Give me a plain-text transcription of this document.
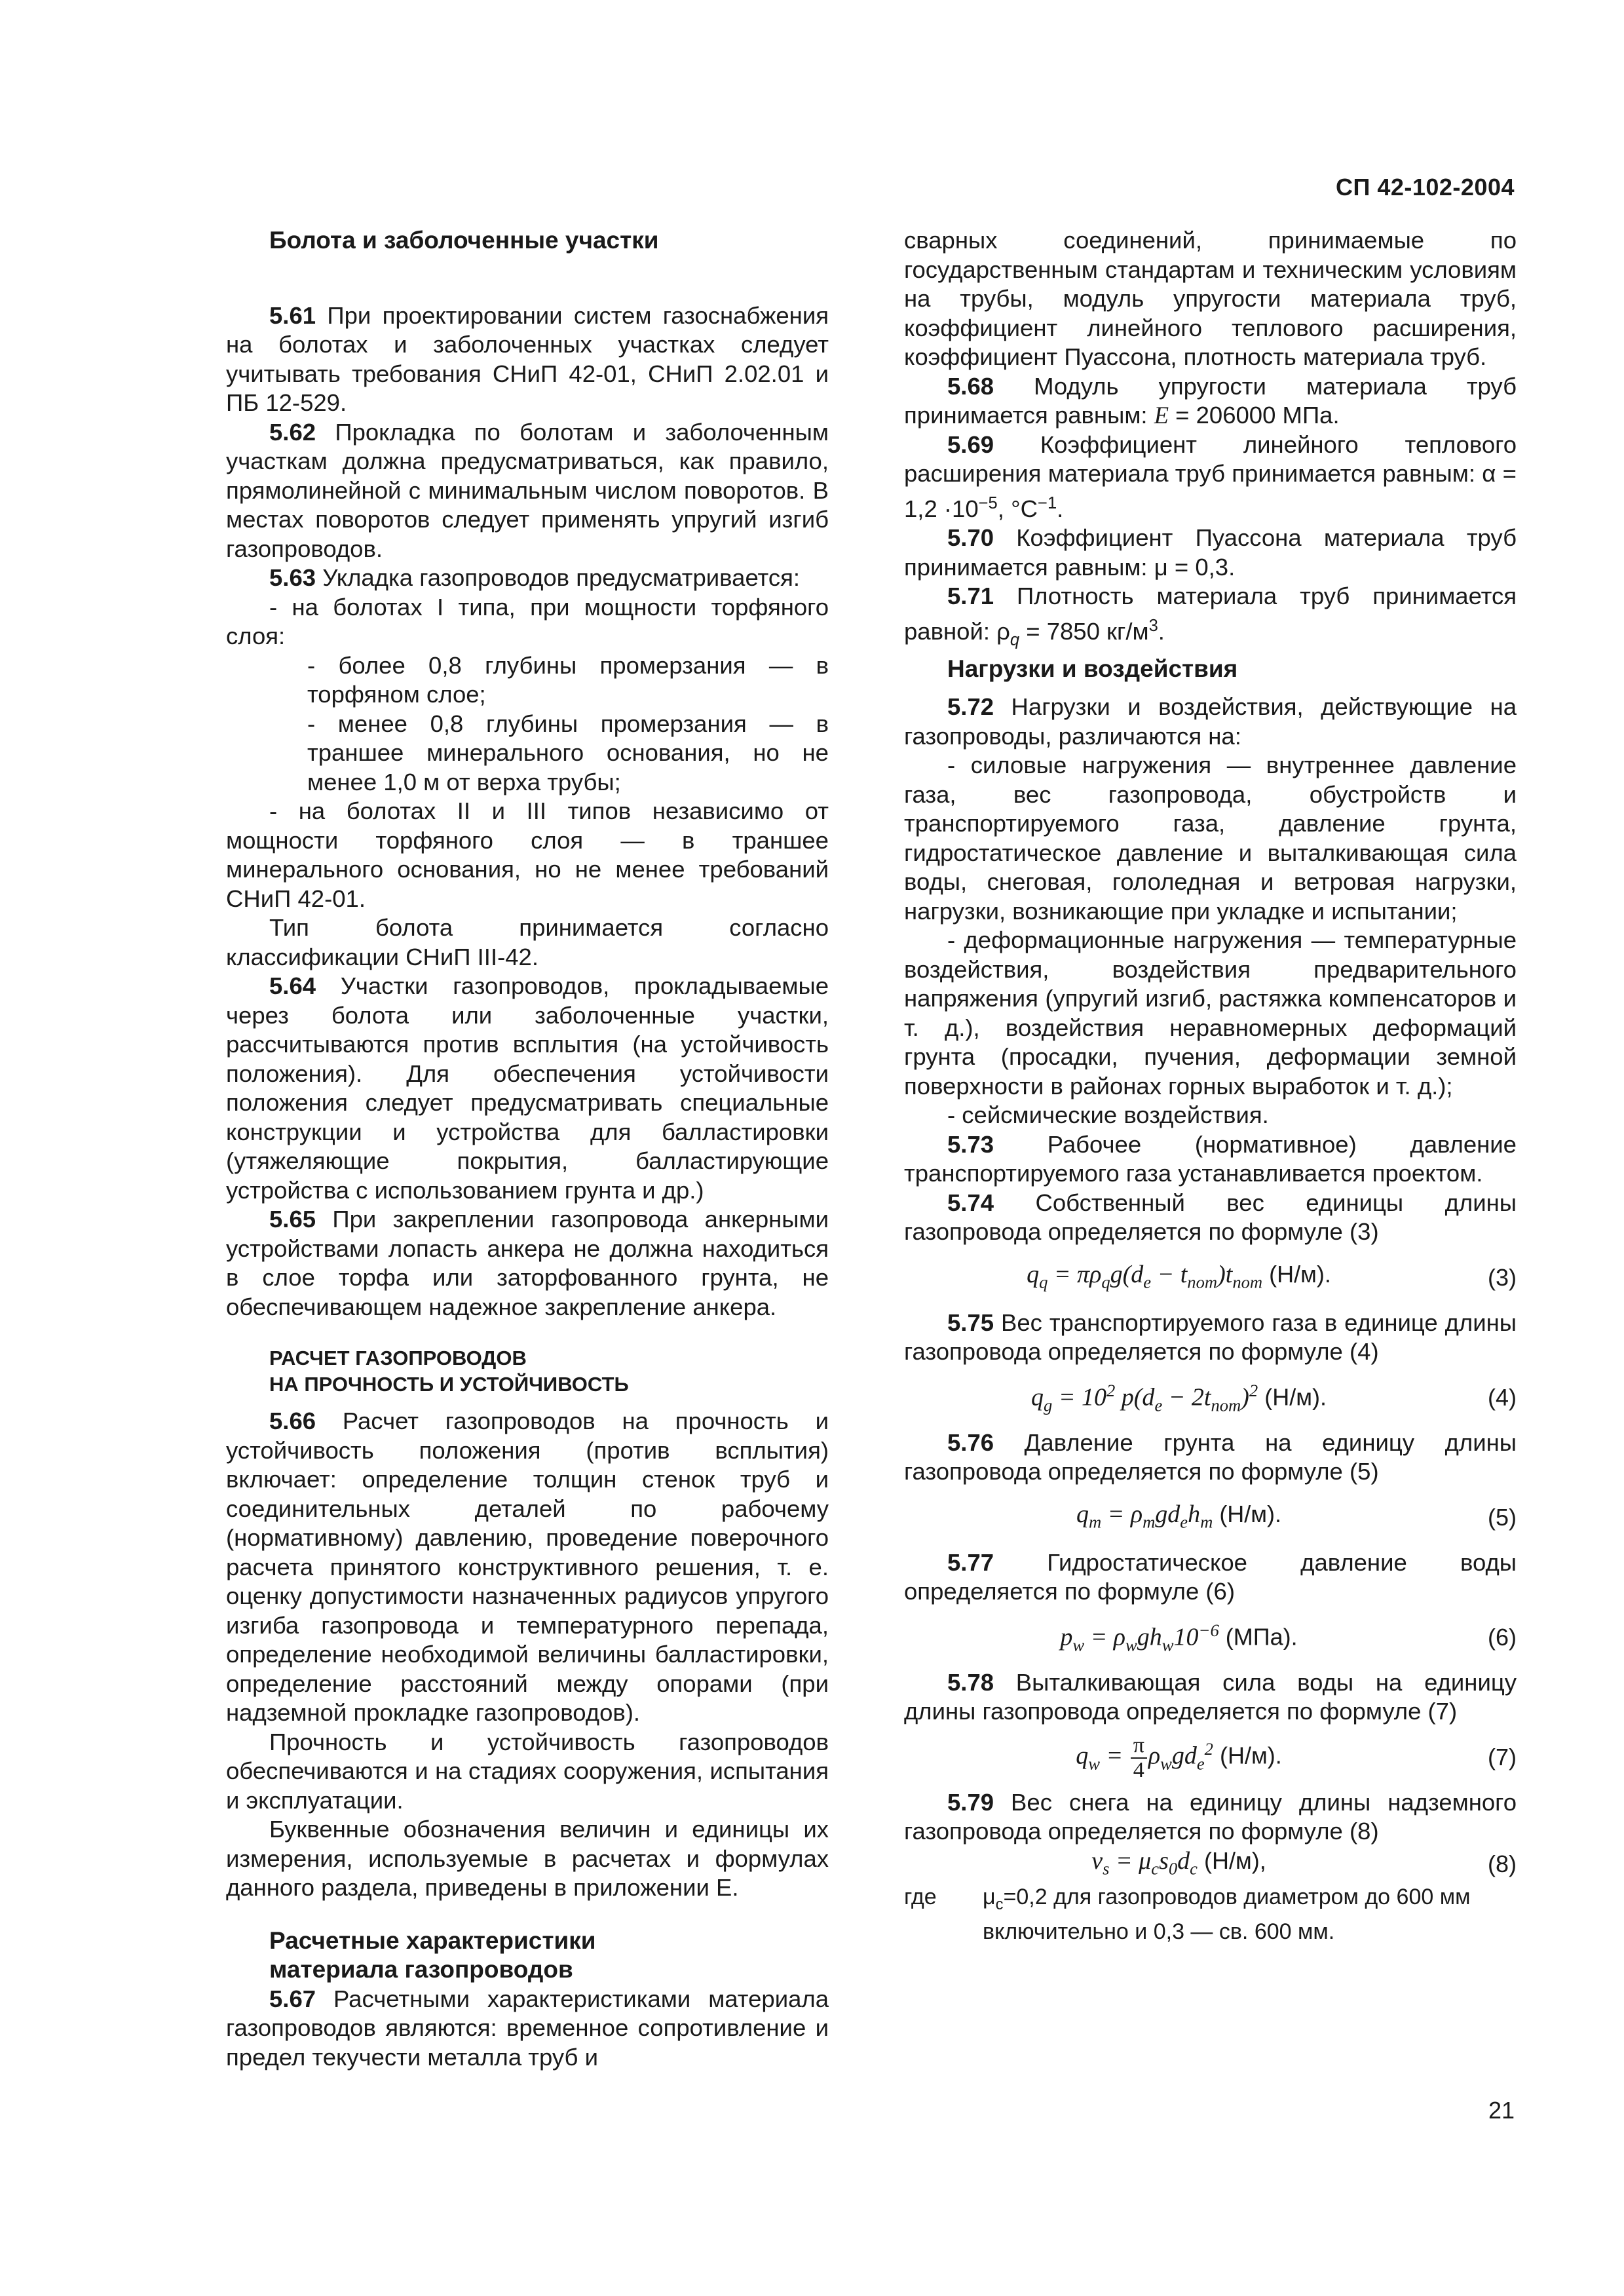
СП 42-102-2004

Болота и заболоченные участки

5.61 При проектировании систем газоснабжения на болотах и заболоченных участках следует учитывать требования СНиП 42-01, СНиП 2.02.01 и ПБ 12-529.

5.62 Прокладка по болотам и заболоченным участкам должна предусматриваться, как правило, прямолинейной с минимальным числом поворотов. В местах поворотов следует применять упругий изгиб газопроводов.

5.63 Укладка газопроводов предусматривается:

- на болотах I типа, при мощности торфяного слоя:

- более 0,8 глубины промерзания — в торфяном слое;

- менее 0,8 глубины промерзания — в траншее минерального основания, но не менее 1,0 м от верха трубы;

- на болотах II и III типов независимо от мощности торфяного слоя — в траншее минерального основания, но не менее требований СНиП 42-01.

Тип болота принимается согласно классификации СНиП III-42.

5.64 Участки газопроводов, прокладываемые через болота или заболоченные участки, рассчитываются против всплытия (на устойчивость положения). Для обеспечения устойчивости положения следует предусматривать специальные конструкции и устройства для балластировки (утяжеляющие покрытия, балластирующие устройства с использованием грунта и др.)

5.65 При закреплении газопровода анкерными устройствами лопасть анкера не должна находиться в слое торфа или заторфованного грунта, не обеспечивающем надежное закрепление анкера.

РАСЧЕТ ГАЗОПРОВОДОВ

НА ПРОЧНОСТЬ И УСТОЙЧИВОСТЬ

5.66 Расчет газопроводов на прочность и устойчивость положения (против всплытия) включает: определение толщин стенок труб и соединительных деталей по рабочему (нормативному) давлению, проведение поверочного расчета принятого конструктивного решения, т. е. оценку допустимости назначенных радиусов упругого изгиба газопровода и температурного перепада, определение необходимой величины балластировки, определение расстояний между опорами (при надземной прокладке газопроводов).

Прочность и устойчивость газопроводов обеспечиваются и на стадиях сооружения, испытания и эксплуатации.

Буквенные обозначения величин и единицы их измерения, используемые в расчетах и формулах данного раздела, приведены в приложении Е.

Расчетные характеристики

материала газопроводов

5.67 Расчетными характеристиками материала газопроводов являются: временное сопротивление и предел текучести металла труб и

сварных соединений, принимаемые по государственным стандартам и техническим условиям на трубы, модуль упругости материала труб, коэффициент линейного теплового расширения, коэффициент Пуассона, плотность материала труб.

5.68 Модуль упругости материала труб принимается равным: E = 206000 МПа.

5.69 Коэффициент линейного теплового расширения материала труб принимается равным: $\alpha = 1,2 \cdot 10^{-5}$, $^\circ С^{-1}$.

5.70 Коэффициент Пуассона материала труб принимается равным: μ = 0,3.

5.71 Плотность материала труб принимается равной: $\rho_q = 7850$ $кг/м^3$.

Нагрузки и воздействия

5.72 Нагрузки и воздействия, действующие на газопроводы, различаются на:

- силовые нагружения — внутреннее давление газа, вес газопровода, обустройств и транспортируемого газа, давление грунта, гидростатическое давление и выталкивающая сила воды, снеговая, гололедная и ветровая нагрузки, нагрузки, возникающие при укладке и испытании;

- деформационные нагружения — температурные воздействия, воздействия предварительного напряжения (упругий изгиб, растяжка компенсаторов и т. д.), воздействия неравномерных деформаций грунта (просадки, пучения, деформации земной поверхности в районах горных выработок и т. д.);

- сейсмические воздействия.

5.73 Рабочее (нормативное) давление транспортируемого газа устанавливается проектом.

5.74 Собственный вес единицы длины газопровода определяется по формуле (3)

$q_q = \pi\rho_qg(d_e - t_{nom})t_{nom}$ (Н/м).	(3)

5.75 Вес транспортируемого газа в единице длины газопровода определяется по формуле (4)

$q_g = 10^2$ $p(d_e - 2t_{nom})^2$ (Н/м).	(4)

5.76 Давление грунта на единицу длины газопровода определяется по формуле (5)

$q_m = \rho_mgd_eh_m$ (Н/м).	(5)

5.77 Гидростатическое давление воды определяется по формуле (6)

$p_w = \rho_wgh_w10^{-6}$ (МПа).	(6)

5.78 Выталкивающая сила воды на единицу длины газопровода определяется по формуле (7)

$q_w = \frac{\pi}{4} \rho_wgd_e^2$ (Н/м).	(7)

5.79 Вес снега на единицу длины надземного газопровода определяется по формуле (8)

$v_s = \mu_cs_0d_c$ (Н/м),	(8)
где	$\mu_c=0,2$ для газопроводов диаметром до 600 мм включительно и 0,3 — св. 600 мм.
21
